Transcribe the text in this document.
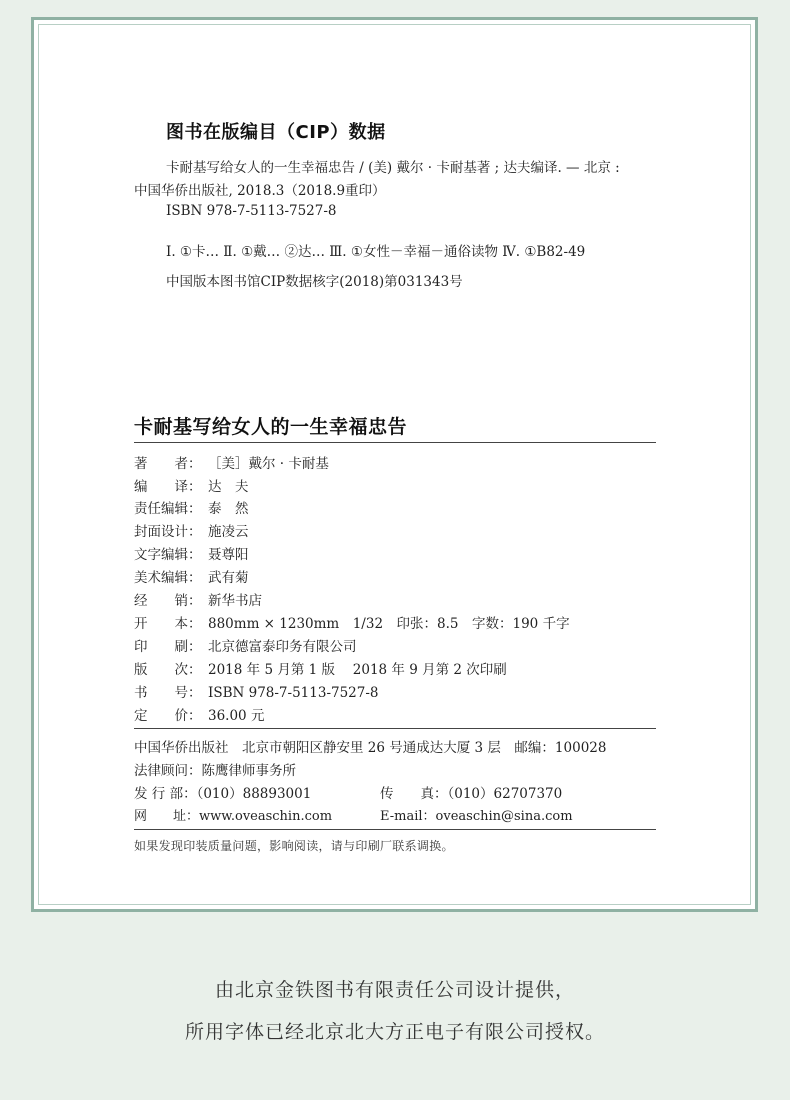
图书在版编目（CIP）数据
卡耐基写给女人的一生幸福忠告 / (美) 戴尔 · 卡耐基著 ; 达夫编译. — 北京 :
中国华侨出版社, 2018.3（2018.9重印）
ISBN 978-7-5113-7527-8
Ⅰ. ①卡… Ⅱ. ①戴… ②达… Ⅲ. ①女性－幸福－通俗读物 Ⅳ. ①B82-49
中国版本图书馆CIP数据核字(2018)第031343号
卡耐基写给女人的一生幸福忠告
著　　者： ［美］戴尔 · 卡耐基
编　　译： 达　夫
责任编辑： 泰　然
封面设计： 施凌云
文字编辑： 聂尊阳
美术编辑： 武有菊
经　　销： 新华书店
开　　本： 880mm × 1230mm　1/32　印张：8.5　字数：190 千字
印　　刷： 北京德富泰印务有限公司
版　　次： 2018 年 5 月第 1 版　 2018 年 9 月第 2 次印刷
书　　号： ISBN 978-7-5113-7527-8
定　　价： 36.00 元
中国华侨出版社　北京市朝阳区静安里 26 号通成达大厦 3 层　邮编：100028
法律顾问：陈鹰律师事务所
发 行 部：（010）88893001	传　　真：（010）62707370
网　　址：www.oveaschin.com	E-mail：oveaschin@sina.com
如果发现印装质量问题，影响阅读，请与印刷厂联系调换。
由北京金铁图书有限责任公司设计提供，
所用字体已经北京北大方正电子有限公司授权。
